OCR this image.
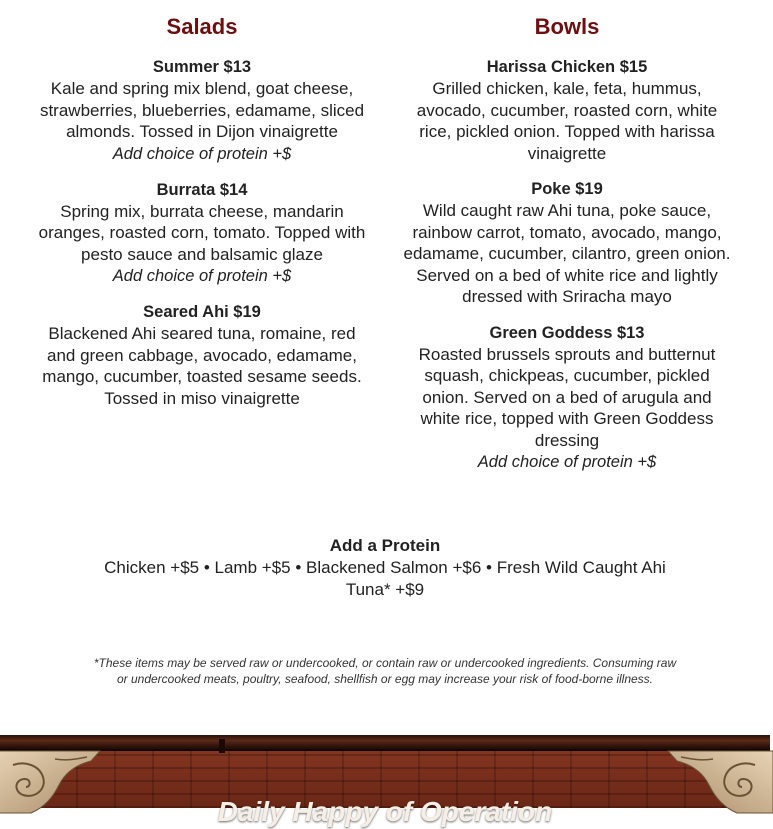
Salads
Summer $13
Kale and spring mix blend, goat cheese, strawberries, blueberries, edamame, sliced almonds. Tossed in Dijon vinaigrette
Add choice of protein +$
Burrata $14
Spring mix, burrata cheese, mandarin oranges, roasted corn, tomato. Topped with pesto sauce and balsamic glaze
Add choice of protein +$
Seared Ahi $19
Blackened Ahi seared tuna, romaine, red and green cabbage, avocado, edamame, mango, cucumber, toasted sesame seeds. Tossed in miso vinaigrette
Bowls
Harissa Chicken $15
Grilled chicken, kale, feta, hummus, avocado, cucumber, roasted corn, white rice, pickled onion. Topped with harissa vinaigrette
Poke $19
Wild caught raw Ahi tuna, poke sauce, rainbow carrot, tomato, avocado, mango, edamame, cucumber, cilantro, green onion. Served on a bed of white rice and lightly dressed with Sriracha mayo
Green Goddess $13
Roasted brussels sprouts and butternut squash, chickpeas, cucumber, pickled onion. Served on a bed of arugula and white rice, topped with Green Goddess dressing
Add choice of protein +$
Add a Protein
Chicken +$5 • Lamb +$5 • Blackened Salmon +$6 • Fresh Wild Caught Ahi Tuna* +$9
*These items may be served raw or undercooked, or contain raw or undercooked ingredients. Consuming raw or undercooked meats, poultry, seafood, shellfish or egg may increase your risk of food-borne illness.
Daily Happy of Operation
